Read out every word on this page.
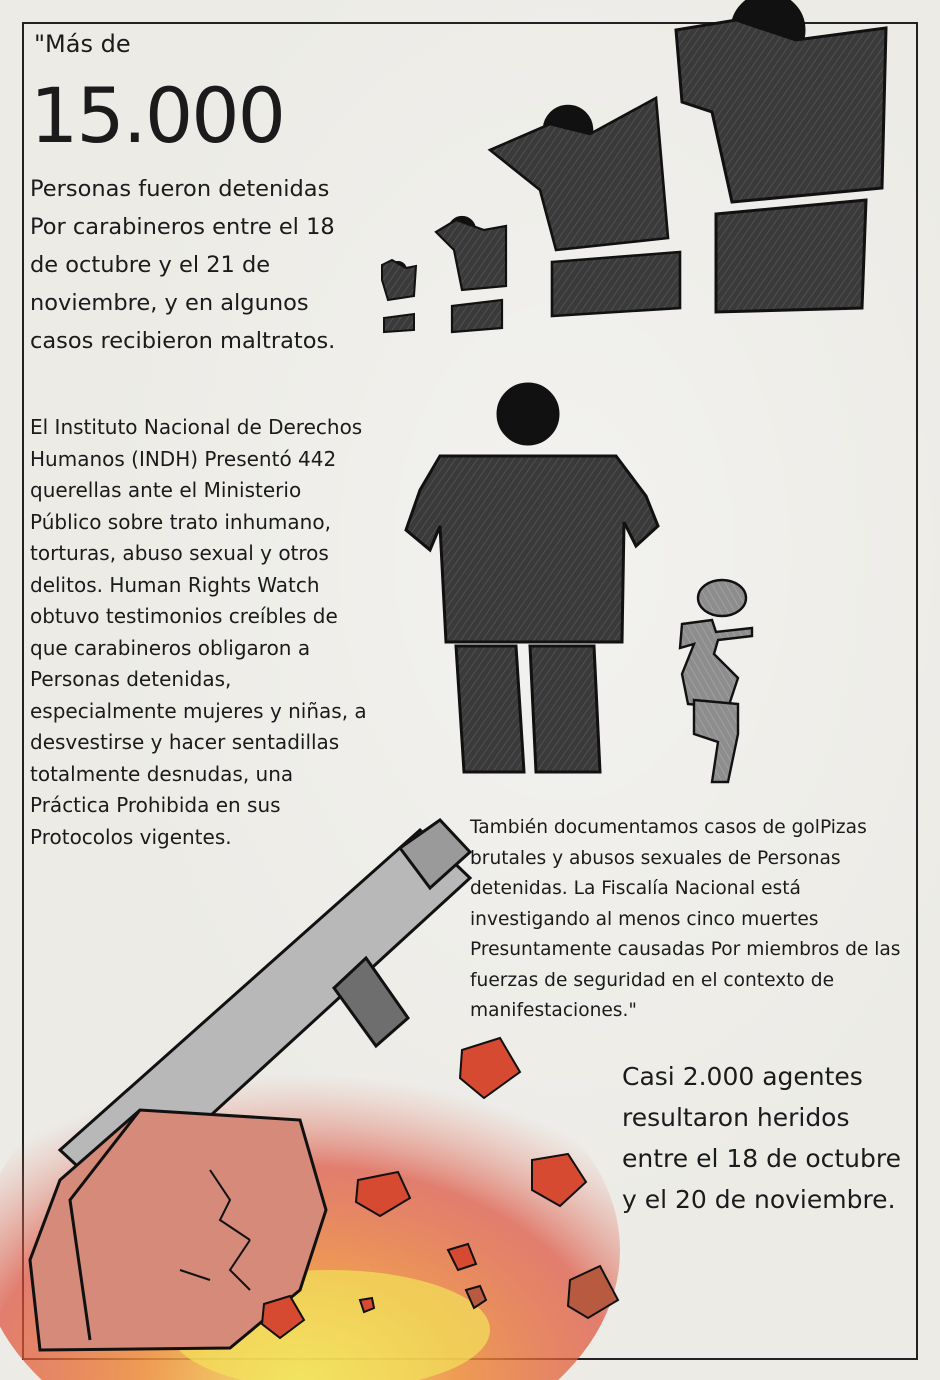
"Más de
15.000
Personas fueron detenidas
Por carabineros entre el 18
de octubre y el 21 de
noviembre, y en algunos
casos recibieron maltratos.
El Instituto Nacional de Derechos
Humanos (INDH) Presentó 442
querellas ante el Ministerio
Público sobre trato inhumano,
torturas, abuso sexual y otros
delitos. Human Rights Watch
obtuvo testimonios creíbles de
que carabineros obligaron a
Personas detenidas,
especialmente mujeres y niñas, a
desvestirse y hacer sentadillas
totalmente desnudas, una
Práctica Prohibida en sus
Protocolos vigentes.	También documentamos casos de golPizas
brutales y abusos sexuales de Personas
detenidas. La Fiscalía Nacional está
investigando al menos cinco muertes
Presuntamente causadas Por miembros de las
fuerzas de seguridad en el contexto de
manifestaciones."
Casi 2.000 agentes
resultaron heridos
entre el 18 de octubre
y el 20 de noviembre.
